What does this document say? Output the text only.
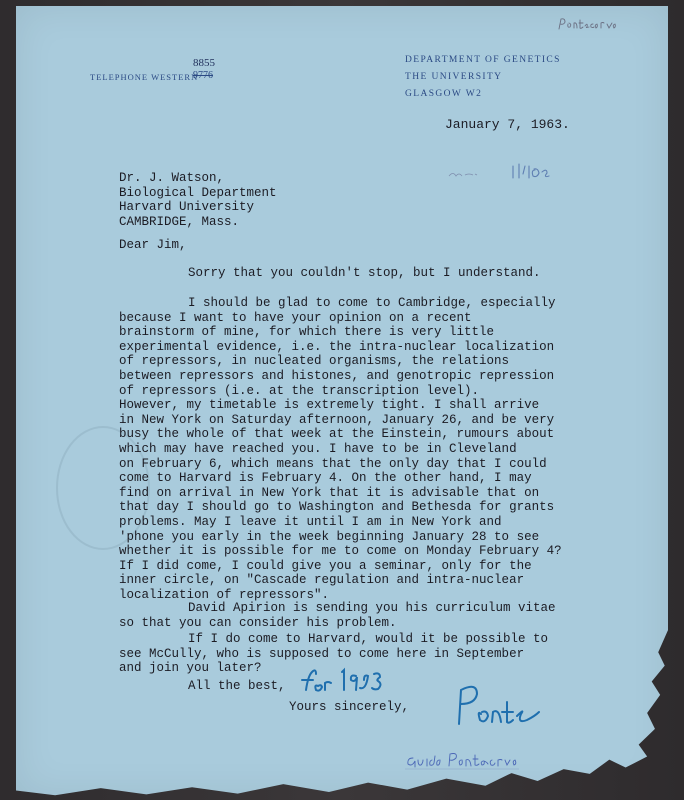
TELEPHONE WESTERN
8855
9776
DEPARTMENT OF GENETICS
THE UNIVERSITY
GLASGOW W2
January 7, 1963.
Dr. J. Watson,
Biological Department
Harvard University
CAMBRIDGE, Mass.
Dear Jim,
Sorry that you couldn't stop, but I understand.
I should be glad to come to Cambridge, especially
because I want to have your opinion on a recent
brainstorm of mine, for which there is very little
experimental evidence, i.e. the intra-nuclear localization
of repressors, in nucleated organisms, the relations
between repressors and histones, and genotropic repression
of repressors (i.e. at the transcription level).
However, my timetable is extremely tight. I shall arrive
in New York on Saturday afternoon, January 26, and be very
busy the whole of that week at the Einstein, rumours about
which may have reached you. I have to be in Cleveland
on February 6, which means that the only day that I could
come to Harvard is February 4. On the other hand, I may
find on arrival in New York that it is advisable that on
that day I should go to Washington and Bethesda for grants
problems. May I leave it until I am in New York and
'phone you early in the week beginning January 28 to see
whether it is possible for me to come on Monday February 4?
If I did come, I could give you a seminar, only for the
inner circle, on "Cascade regulation and intra-nuclear
localization of repressors".
David Apirion is sending you his curriculum vitae
so that you can consider his problem.
If I do come to Harvard, would it be possible to
see McCully, who is supposed to come here in September
and join you later?
All the best,
Yours sincerely,
